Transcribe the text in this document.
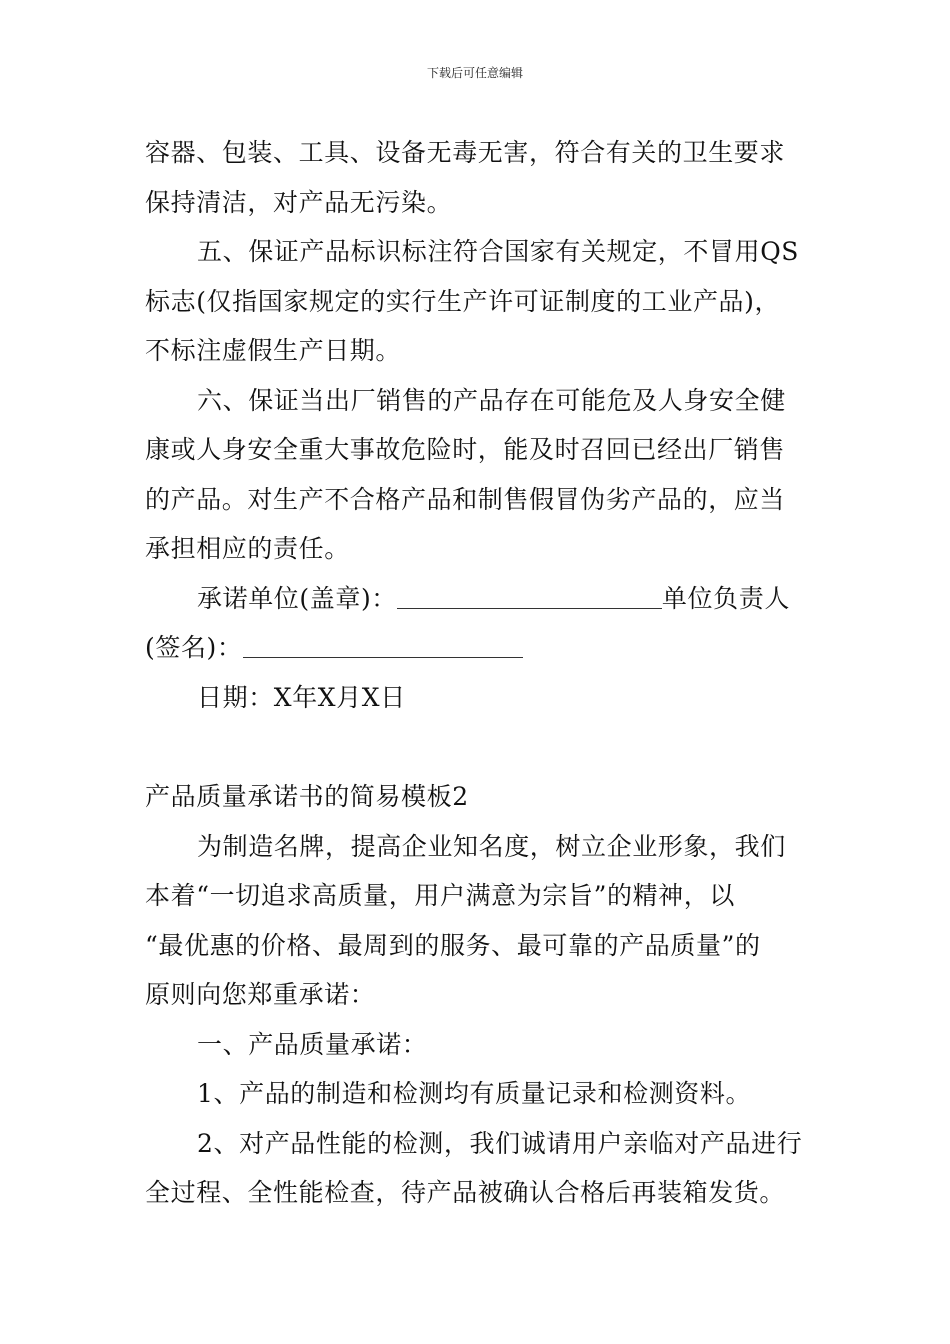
下载后可任意编辑

容器、包装、工具、设备无毒无害，符合有关的卫生要求

保持清洁，对产品无污染。

五、保证产品标识标注符合国家有关规定，不冒用QS

标志(仅指国家规定的实行生产许可证制度的工业产品)，

不标注虚假生产日期。

六、保证当出厂销售的产品存在可能危及人身安全健

康或人身安全重大事故危险时，能及时召回已经出厂销售

的产品。对生产不合格产品和制售假冒伪劣产品的，应当

承担相应的责任。

承诺单位(盖章)：	单位负责人

(签名)：

日期：X年X月X日

产品质量承诺书的简易模板2

为制造名牌，提高企业知名度，树立企业形象，我们

本着“一切追求高质量，用户满意为宗旨”的精神，以

“最优惠的价格、最周到的服务、最可靠的产品质量”的

原则向您郑重承诺：

一、产品质量承诺：

1、产品的制造和检测均有质量记录和检测资料。

2、对产品性能的检测，我们诚请用户亲临对产品进行

全过程、全性能检查，待产品被确认合格后再装箱发货。
